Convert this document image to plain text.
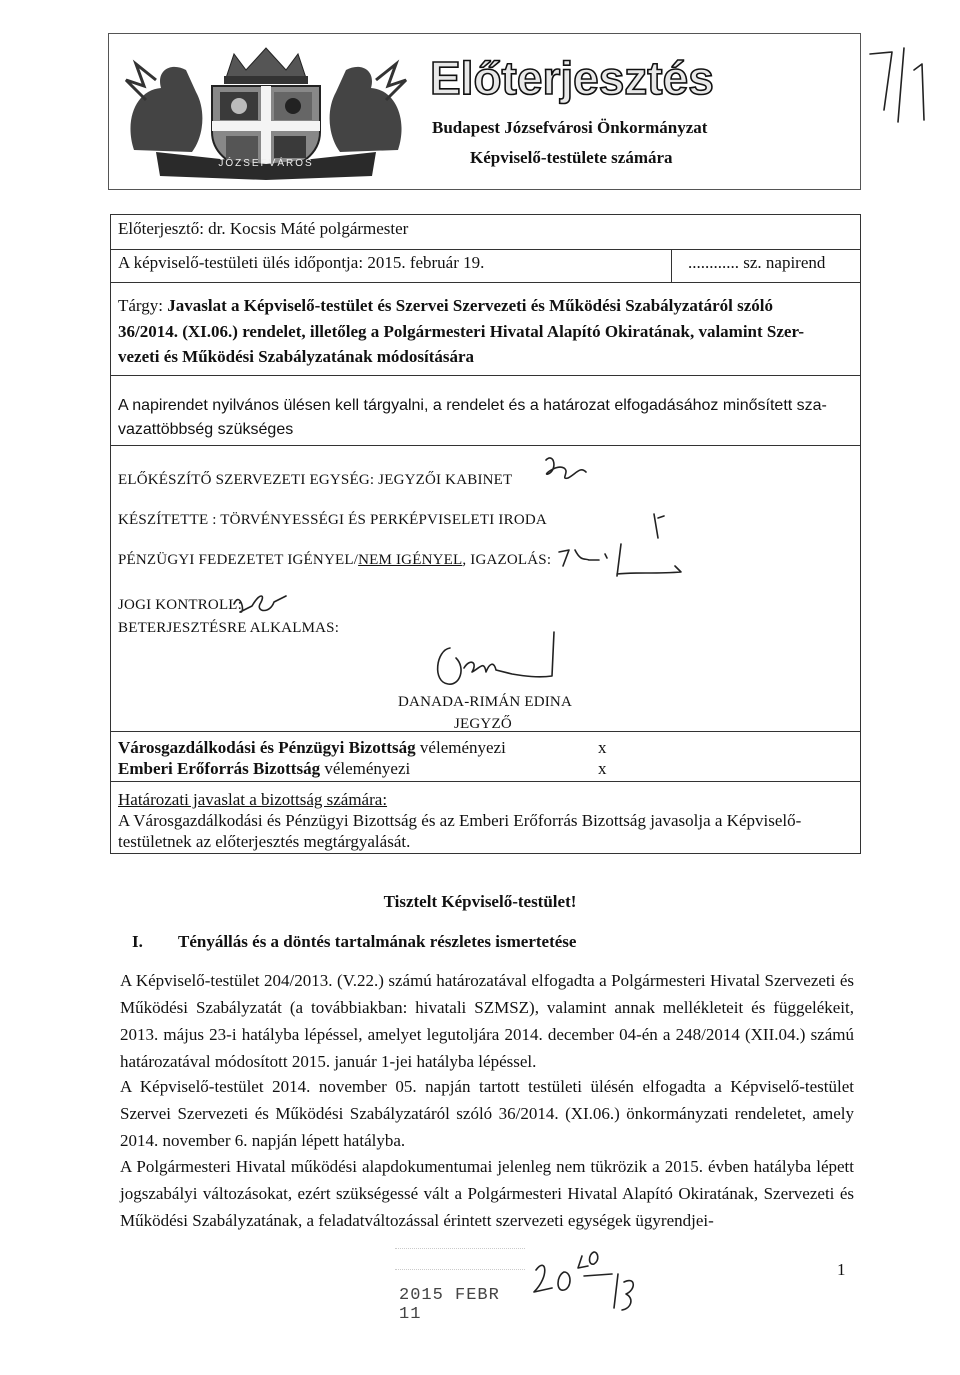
JÓZSEFVÁROS
Előterjesztés
Budapest Józsefvárosi Önkormányzat
Képviselő-testülete számára
Előterjesztő: dr. Kocsis Máté polgármester
A képviselő-testületi ülés időpontja: 2015. február 19.	............ sz. napirend
Tárgy: Javaslat a Képviselő-testület és Szervei Szervezeti és Működési Szabályzatáról szóló
36/2014. (XI.06.) rendelet, illetőleg a Polgármesteri Hivatal Alapító Okiratának, valamint Szer-
vezeti és Működési Szabályzatának módosítására
A napirendet nyilvános ülésen kell tárgyalni, a rendelet és a határozat elfogadásához minősített sza-
vazattöbbség szükséges
ELŐKÉSZÍTŐ SZERVEZETI EGYSÉG: JEGYZŐI KABINET
KÉSZÍTETTE : TÖRVÉNYESSÉGI ÉS PERKÉPVISELETI IRODA
PÉNZÜGYI FEDEZETET IGÉNYEL/NEM IGÉNYEL, IGAZOLÁS:
JOGI KONTROLL:
BETERJESZTÉSRE ALKALMAS:
DANADA-RIMÁN EDINA
JEGYZŐ
Városgazdálkodási és Pénzügyi Bizottság véleményezi	x
Emberi Erőforrás Bizottság véleményezi	x
Határozati javaslat a bizottság számára:
A Városgazdálkodási és Pénzügyi Bizottság és az Emberi Erőforrás Bizottság javasolja a Képviselő-
testületnek az előterjesztés megtárgyalását.
Tisztelt Képviselő-testület!
I. Tényállás és a döntés tartalmának részletes ismertetése
A Képviselő-testület 204/2013. (V.22.) számú határozatával elfogadta a Polgármesteri Hivatal Szervezeti és Működési Szabályzatát (a továbbiakban: hivatali SZMSZ), valamint annak mellékleteit és függelékeit, 2013. május 23-i hatályba lépéssel, amelyet legutoljára 2014. december 04-én a 248/2014 (XII.04.) számú határozatával módosított 2015. január 1-jei hatályba lépéssel.
A Képviselő-testület 2014. november 05. napján tartott testületi ülésén elfogadta a Képviselő-testület Szervei Szervezeti és Működési Szabályzatáról szóló 36/2014. (XI.06.) önkormányzati rendeletet, amely 2014. november 6. napján lépett hatályba.
A Polgármesteri Hivatal működési alapdokumentumai jelenleg nem tükrözik a 2015. évben hatályba lépett jogszabályi változásokat, ezért szükségessé vált a Polgármesteri Hivatal Alapító Okiratának, Szervezeti és Működési Szabályzatának, a feladatváltozással érintett szervezeti egységek ügyrendjei-
2015 FEBR 11
1
